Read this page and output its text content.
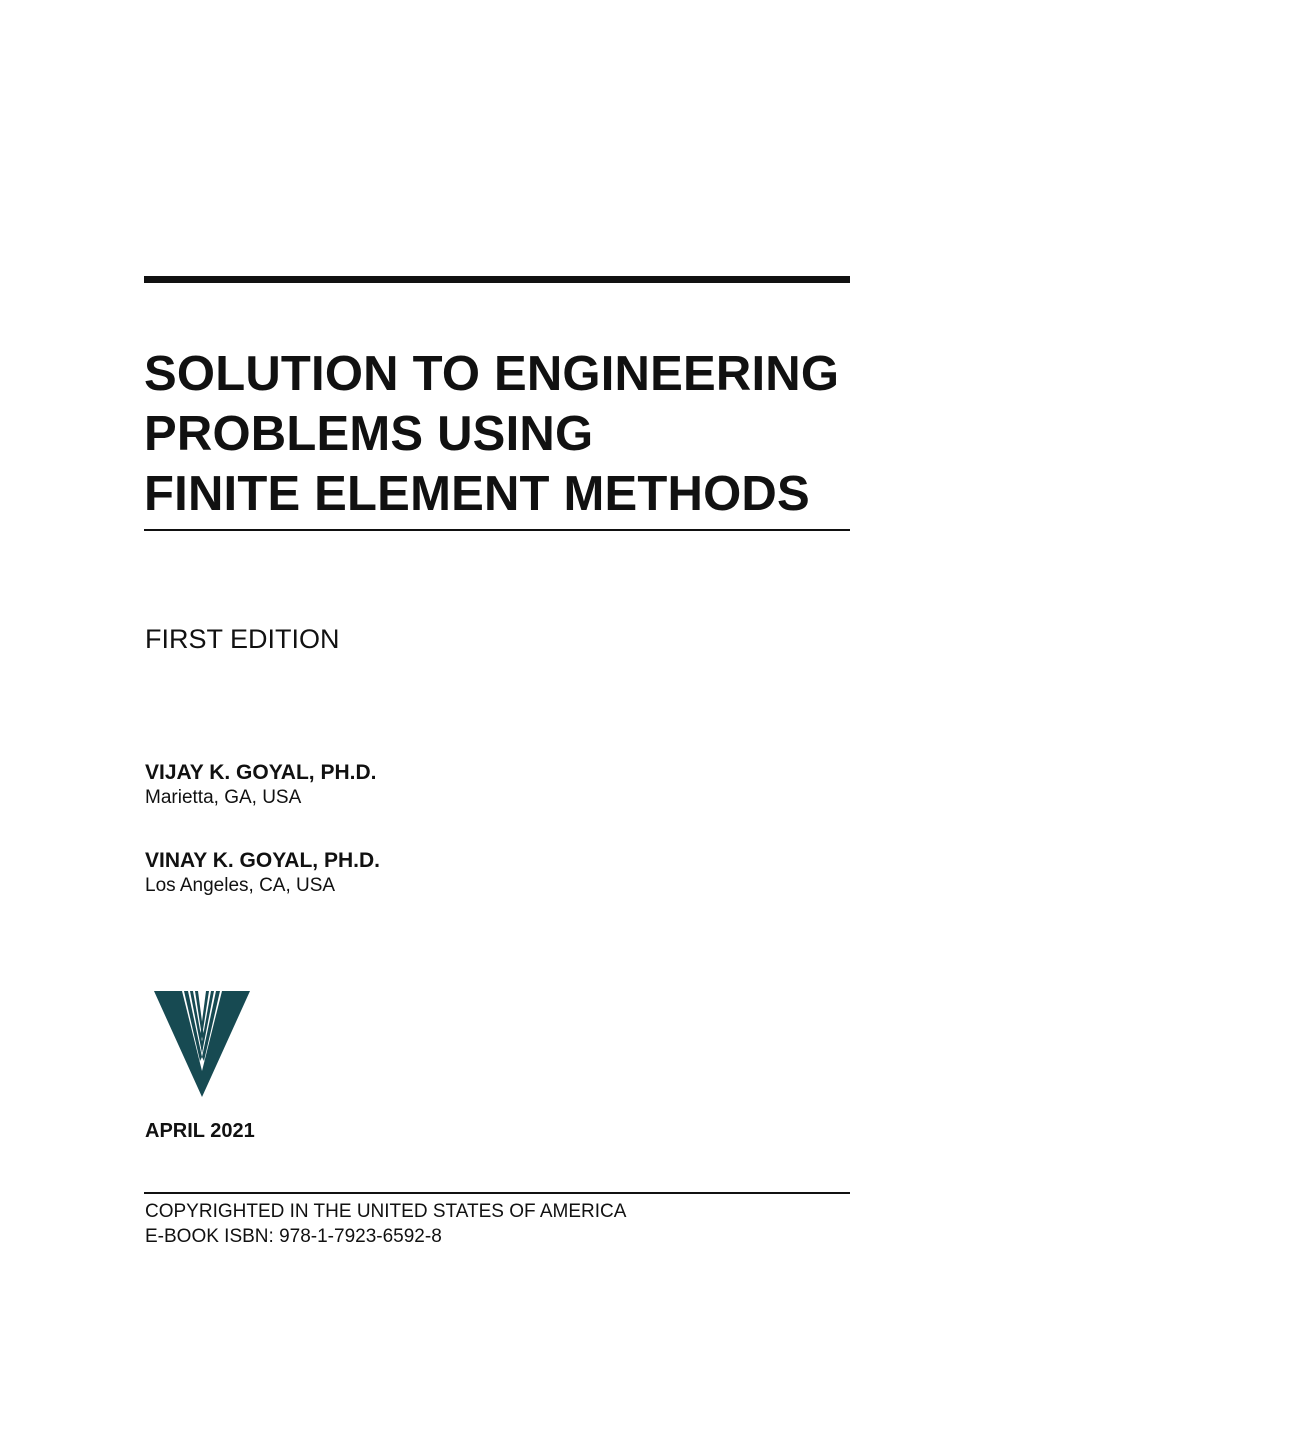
SOLUTION TO ENGINEERING
PROBLEMS USING
FINITE ELEMENT METHODS
FIRST EDITION
VIJAY K. GOYAL, PH.D.
Marietta, GA, USA
VINAY K. GOYAL, PH.D.
Los Angeles, CA, USA
APRIL 2021
COPYRIGHTED IN THE UNITED STATES OF AMERICA
E-BOOK ISBN: 978-1-7923-6592-8
